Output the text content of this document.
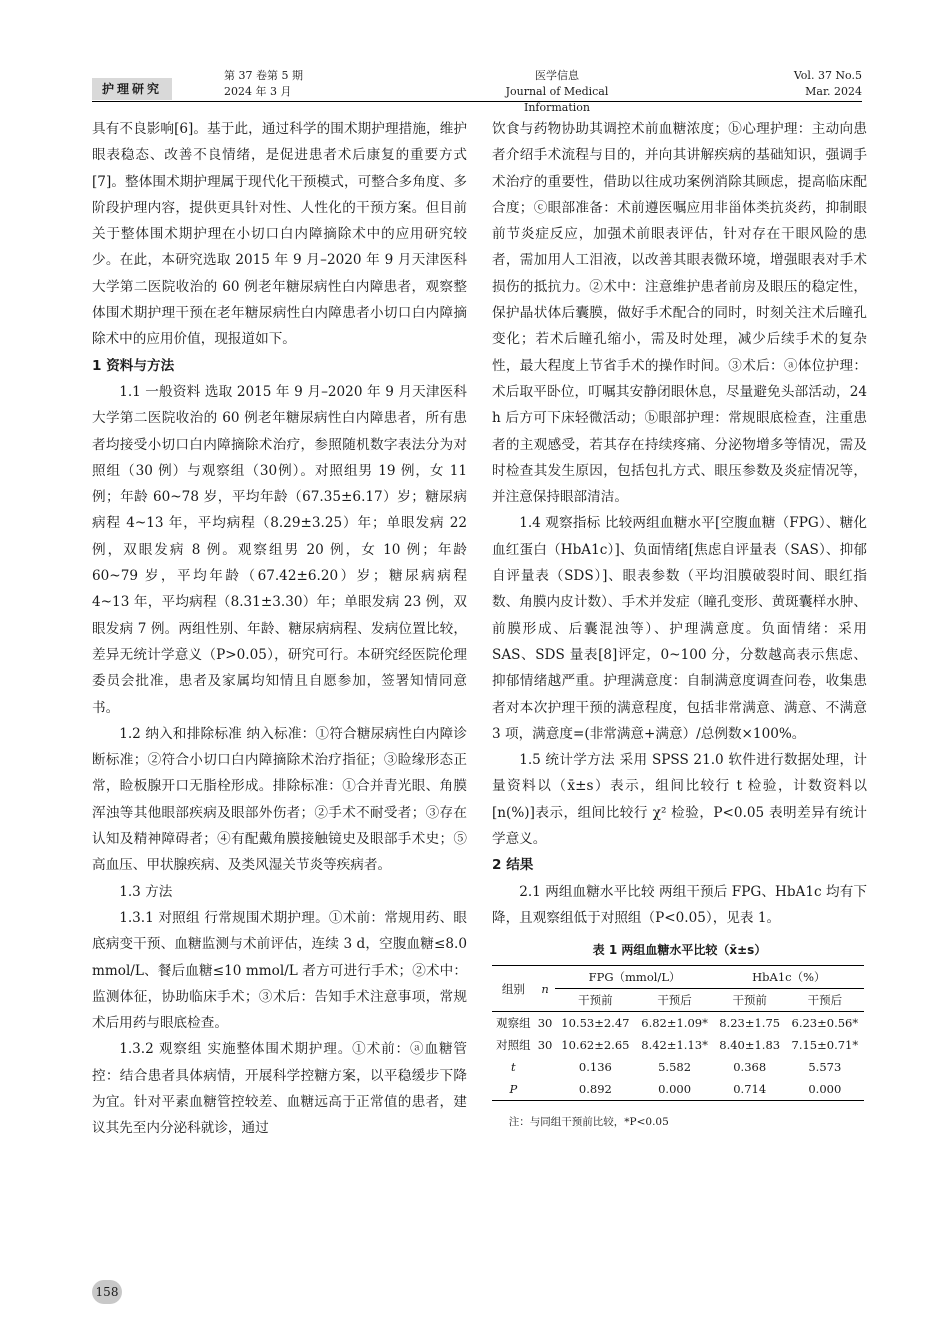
护理研究
第 37 卷第 5 期
2024 年 3 月
医学信息
Journal of Medical Information
Vol. 37 No.5
Mar. 2024

具有不良影响[6]。基于此，通过科学的围术期护理措施，维护眼表稳态、改善不良情绪，是促进患者术后康复的重要方式[7]。整体围术期护理属于现代化干预模式，可整合多角度、多阶段护理内容，提供更具针对性、人性化的干预方案。但目前关于整体围术期护理在小切口白内障摘除术中的应用研究较少。在此，本研究选取 2015 年 9 月–2020 年 9 月天津医科大学第二医院收治的 60 例老年糖尿病性白内障患者，观察整体围术期护理干预在老年糖尿病性白内障患者小切口白内障摘除术中的应用价值，现报道如下。

1 资料与方法

1.1 一般资料 选取 2015 年 9 月–2020 年 9 月天津医科大学第二医院收治的 60 例老年糖尿病性白内障患者，所有患者均接受小切口白内障摘除术治疗，参照随机数字表法分为对照组（30 例）与观察组（30例）。对照组男 19 例，女 11 例；年龄 60~78 岁，平均年龄（67.35±6.17）岁；糖尿病病程 4~13 年，平均病程（8.29±3.25）年；单眼发病 22 例，双眼发病 8 例。观察组男 20 例，女 10 例；年龄 60~79 岁，平均年龄（67.42±6.20）岁；糖尿病病程 4~13 年，平均病程（8.31±3.30）年；单眼发病 23 例，双眼发病 7 例。两组性别、年龄、糖尿病病程、发病位置比较，差异无统计学意义（P>0.05），研究可行。本研究经医院伦理委员会批准，患者及家属均知情且自愿参加，签署知情同意书。

1.2 纳入和排除标准 纳入标准：①符合糖尿病性白内障诊断标准；②符合小切口白内障摘除术治疗指征；③睑缘形态正常，睑板腺开口无脂栓形成。排除标准：①合并青光眼、角膜浑浊等其他眼部疾病及眼部外伤者；②手术不耐受者；③存在认知及精神障碍者；④有配戴角膜接触镜史及眼部手术史；⑤高血压、甲状腺疾病、及类风湿关节炎等疾病者。

1.3 方法

1.3.1 对照组 行常规围术期护理。①术前：常规用药、眼底病变干预、血糖监测与术前评估，连续 3 d，空腹血糖≤8.0 mmol/L、餐后血糖≤10 mmol/L 者方可进行手术；②术中：监测体征，协助临床手术；③术后：告知手术注意事项，常规术后用药与眼底检查。

1.3.2 观察组 实施整体围术期护理。①术前：ⓐ血糖管控：结合患者具体病情，开展科学控糖方案，以平稳缓步下降为宜。针对平素血糖管控较差、血糖远高于正常值的患者，建议其先至内分泌科就诊，通过

饮食与药物协助其调控术前血糖浓度；ⓑ心理护理：主动向患者介绍手术流程与目的，并向其讲解疾病的基础知识，强调手术治疗的重要性，借助以往成功案例消除其顾虑，提高临床配合度；ⓒ眼部准备：术前遵医嘱应用非甾体类抗炎药，抑制眼前节炎症反应，加强术前眼表评估，针对存在干眼风险的患者，需加用人工泪液，以改善其眼表微环境，增强眼表对手术损伤的抵抗力。②术中：注意维护患者前房及眼压的稳定性，保护晶状体后囊膜，做好手术配合的同时，时刻关注术后瞳孔变化；若术后瞳孔缩小，需及时处理，减少后续手术的复杂性，最大程度上节省手术的操作时间。③术后：ⓐ体位护理：术后取平卧位，叮嘱其安静闭眼休息，尽量避免头部活动，24 h 后方可下床轻微活动；ⓑ眼部护理：常规眼底检查，注重患者的主观感受，若其存在持续疼痛、分泌物增多等情况，需及时检查其发生原因，包括包扎方式、眼压参数及炎症情况等，并注意保持眼部清洁。

1.4 观察指标 比较两组血糖水平[空腹血糖（FPG）、糖化血红蛋白（HbA1c）]、负面情绪[焦虑自评量表（SAS）、抑郁自评量表（SDS）]、眼表参数（平均泪膜破裂时间、眼红指数、角膜内皮计数）、手术并发症（瞳孔变形、黄斑囊样水肿、前膜形成、后囊混浊等）、护理满意度。负面情绪：采用 SAS、SDS 量表[8]评定，0~100 分，分数越高表示焦虑、抑郁情绪越严重。护理满意度：自制满意度调查问卷，收集患者对本次护理干预的满意程度，包括非常满意、满意、不满意 3 项，满意度=(非常满意+满意）/总例数×100%。

1.5 统计学方法 采用 SPSS 21.0 软件进行数据处理，计量资料以（x̄±s）表示，组间比较行 t 检验，计数资料以[n(%)]表示，组间比较行 χ² 检验，P<0.05 表明差异有统计学意义。

2 结果

2.1 两组血糖水平比较 两组干预后 FPG、HbA1c 均有下降，且观察组低于对照组（P<0.05），见表 1。

表 1 两组血糖水平比较（x̄±s）
组别	n	FPG（mmol/L）		HbA1c（%）	
		干预前	干预后	干预前	干预后
观察组	30	10.53±2.47	6.82±1.09*	8.23±1.75	6.23±0.56*
对照组	30	10.62±2.65	8.42±1.13*	8.40±1.83	7.15±0.71*
t		0.136	5.582	0.368	5.573
P		0.892	0.000	0.714	0.000
注：与同组干预前比较，*P<0.05
158
